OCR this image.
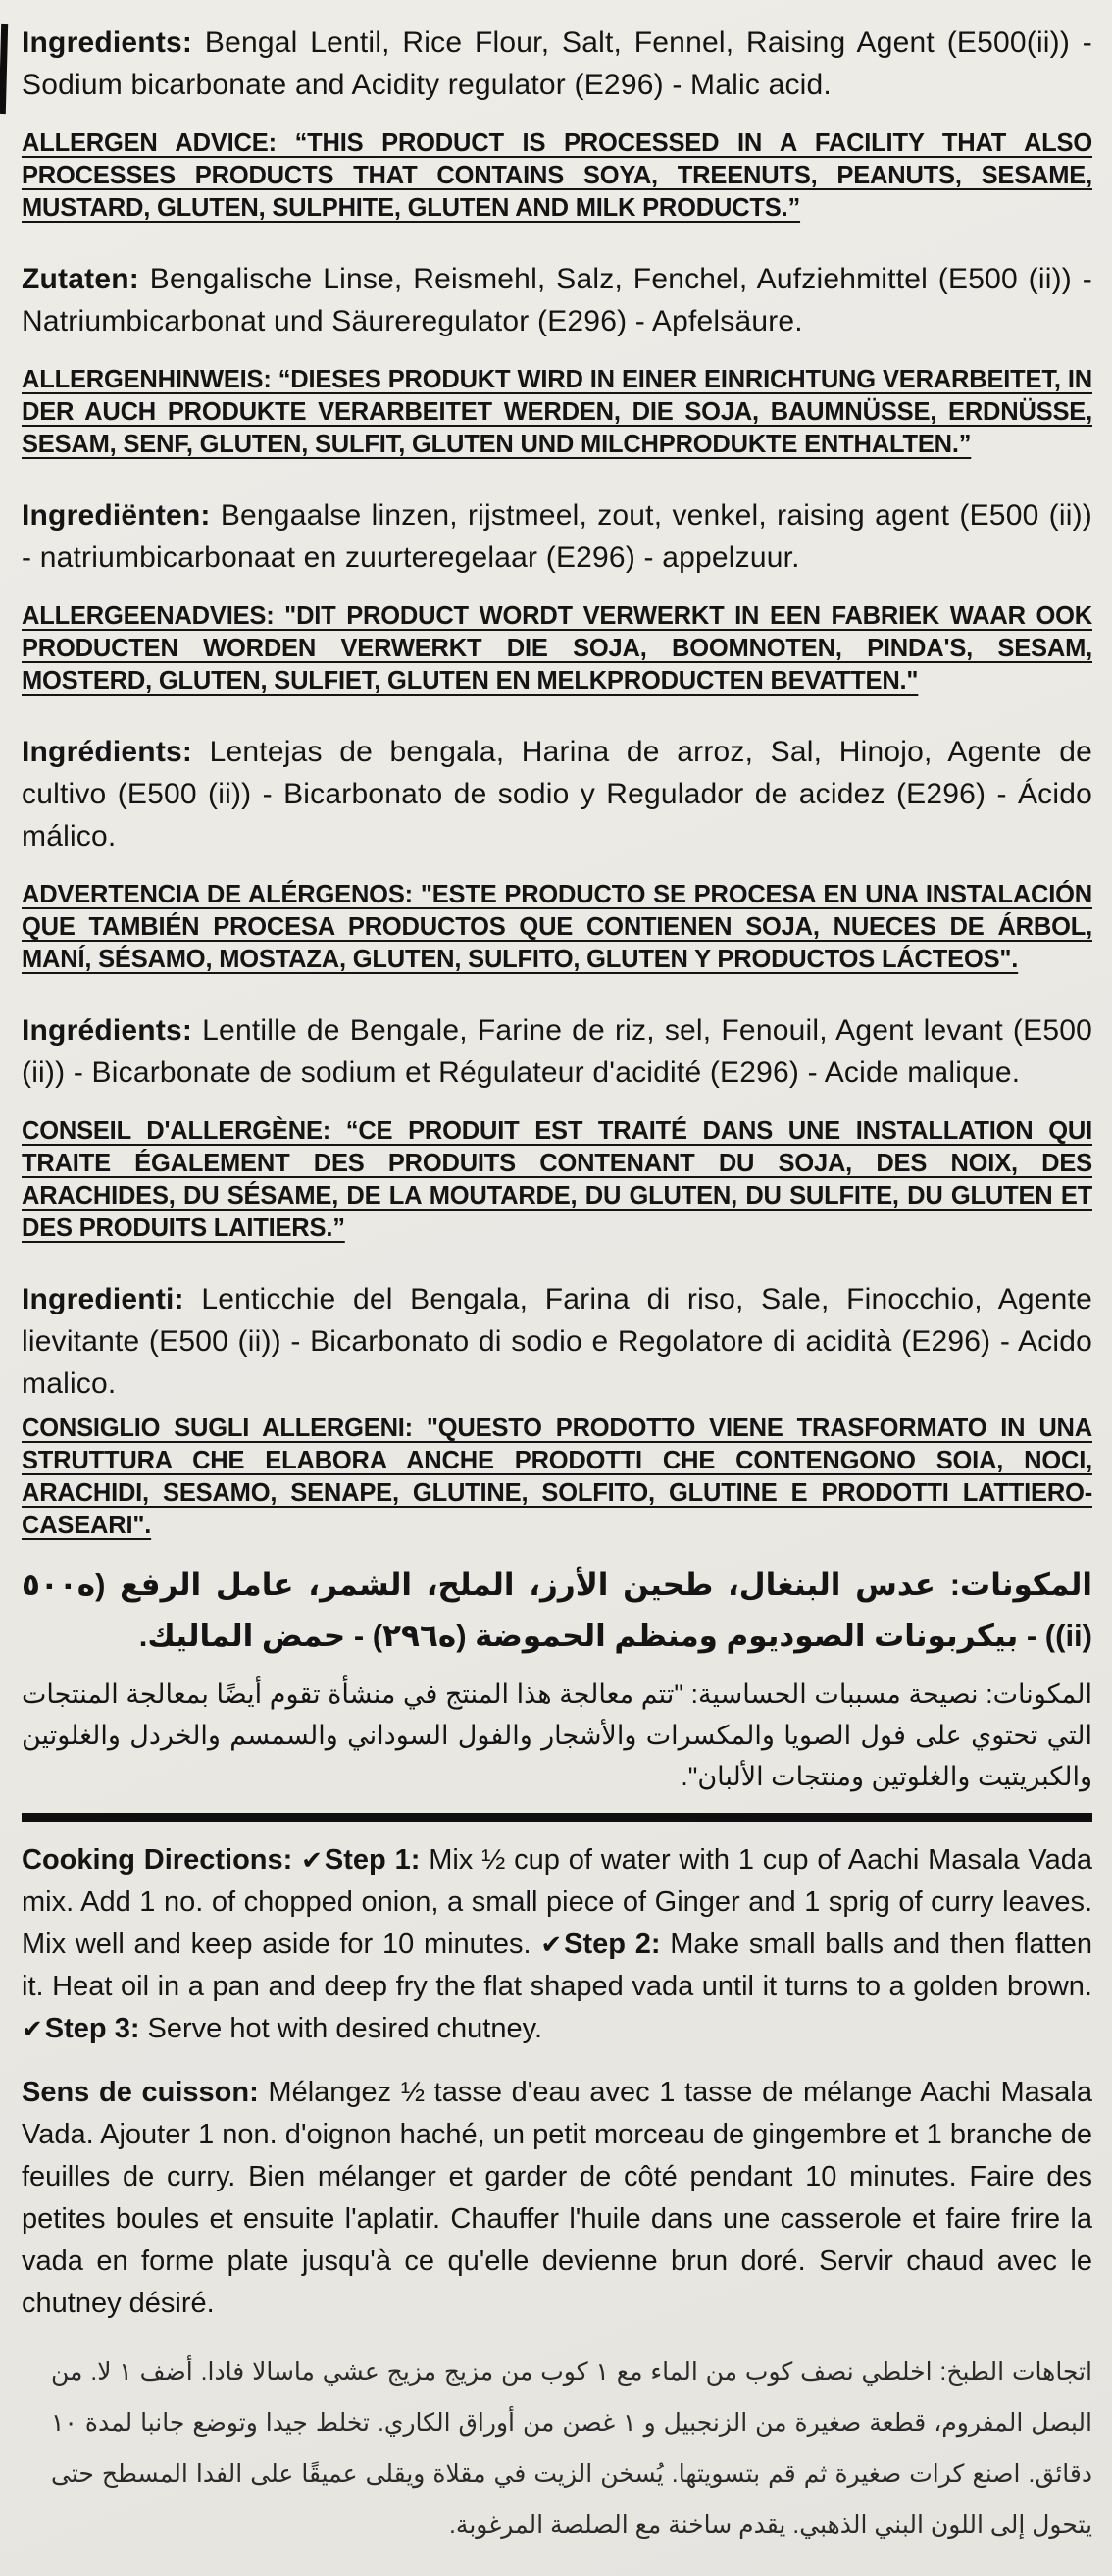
Ingredients: Bengal Lentil, Rice Flour, Salt, Fennel, Raising Agent (E500(ii)) - Sodium bicarbonate and Acidity regulator (E296) - Malic acid.

ALLERGEN ADVICE: “THIS PRODUCT IS PROCESSED IN A FACILITY THAT ALSO PROCESSES PRODUCTS THAT CONTAINS SOYA, TREENUTS, PEANUTS, SESAME, MUSTARD, GLUTEN, SULPHITE, GLUTEN AND MILK PRODUCTS.”

Zutaten: Bengalische Linse, Reismehl, Salz, Fenchel, Aufziehmittel (E500 (ii)) - Natriumbicarbonat und Säureregulator (E296) - Apfelsäure.

ALLERGENHINWEIS: “DIESES PRODUKT WIRD IN EINER EINRICHTUNG VERARBEITET, IN DER AUCH PRODUKTE VERARBEITET WERDEN, DIE SOJA, BAUMNÜSSE, ERDNÜSSE, SESAM, SENF, GLUTEN, SULFIT, GLUTEN UND MILCHPRODUKTE ENTHALTEN.”

Ingrediënten: Bengaalse linzen, rijstmeel, zout, venkel, raising agent (E500 (ii)) - natriumbicarbonaat en zuurteregelaar (E296) - appelzuur.

ALLERGEENADVIES: "DIT PRODUCT WORDT VERWERKT IN EEN FABRIEK WAAR OOK PRODUCTEN WORDEN VERWERKT DIE SOJA, BOOMNOTEN, PINDA'S, SESAM, MOSTERD, GLUTEN, SULFIET, GLUTEN EN MELKPRODUCTEN BEVATTEN."

Ingrédients: Lentejas de bengala, Harina de arroz, Sal, Hinojo, Agente de cultivo (E500 (ii)) - Bicarbonato de sodio y Regulador de acidez (E296) - Ácido málico.

ADVERTENCIA DE ALÉRGENOS: "ESTE PRODUCTO SE PROCESA EN UNA INSTALACIÓN QUE TAMBIÉN PROCESA PRODUCTOS QUE CONTIENEN SOJA, NUECES DE ÁRBOL, MANÍ, SÉSAMO, MOSTAZA, GLUTEN, SULFITO, GLUTEN Y PRODUCTOS LÁCTEOS".

Ingrédients: Lentille de Bengale, Farine de riz, sel, Fenouil, Agent levant (E500 (ii)) - Bicarbonate de sodium et Régulateur d'acidité (E296) - Acide malique.

CONSEIL D'ALLERGÈNE: “CE PRODUIT EST TRAITÉ DANS UNE INSTALLATION QUI TRAITE ÉGALEMENT DES PRODUITS CONTENANT DU SOJA, DES NOIX, DES ARACHIDES, DU SÉSAME, DE LA MOUTARDE, DU GLUTEN, DU SULFITE, DU GLUTEN ET DES PRODUITS LAITIERS.”

Ingredienti: Lenticchie del Bengala, Farina di riso, Sale, Finocchio, Agente lievitante (E500 (ii)) - Bicarbonato di sodio e Regolatore di acidità (E296) - Acido malico.

CONSIGLIO SUGLI ALLERGENI: "QUESTO PRODOTTO VIENE TRASFORMATO IN UNA STRUTTURA CHE ELABORA ANCHE PRODOTTI CHE CONTENGONO SOIA, NOCI, ARACHIDI, SESAMO, SENAPE, GLUTINE, SOLFITO, GLUTINE E PRODOTTI LATTIERO-CASEARI".

المكونات: عدس البنغال، طحين الأرز، الملح، الشمر، عامل الرفع (ه٥٠٠ (ii)) - بيكربونات الصوديوم ومنظم الحموضة (ه٢٩٦) - حمض الماليك.

المكونات: نصيحة مسببات الحساسية: "تتم معالجة هذا المنتج في منشأة تقوم أيضًا بمعالجة المنتجات التي تحتوي على فول الصويا والمكسرات والأشجار والفول السوداني والسمسم والخردل والغلوتين والكبريتيت والغلوتين ومنتجات الألبان".

Cooking Directions: ✔Step 1: Mix ½ cup of water with 1 cup of Aachi Masala Vada mix. Add 1 no. of chopped onion, a small piece of Ginger and 1 sprig of curry leaves. Mix well and keep aside for 10 minutes. ✔Step 2: Make small balls and then flatten it. Heat oil in a pan and deep fry the flat shaped vada until it turns to a golden brown. ✔Step 3: Serve hot with desired chutney.

Sens de cuisson: Mélangez ½ tasse d'eau avec 1 tasse de mélange Aachi Masala Vada. Ajouter 1 non. d'oignon haché, un petit morceau de gingembre et 1 branche de feuilles de curry. Bien mélanger et garder de côté pendant 10 minutes. Faire des petites boules et ensuite l'aplatir. Chauffer l'huile dans une casserole et faire frire la vada en forme plate jusqu'à ce qu'elle devienne brun doré. Servir chaud avec le chutney désiré.

اتجاهات الطبخ: اخلطي نصف كوب من الماء مع ١ كوب من مزيج مزيج عشي ماسالا فادا. أضف ١ لا. من البصل المفروم، قطعة صغيرة من الزنجبيل و ١ غصن من أوراق الكاري. تخلط جيدا وتوضع جانبا لمدة ١٠ دقائق. اصنع كرات صغيرة ثم قم بتسويتها. يُسخن الزيت في مقلاة ويقلى عميقًا على الفدا المسطح حتى يتحول إلى اللون البني الذهبي. يقدم ساخنة مع الصلصة المرغوبة.
